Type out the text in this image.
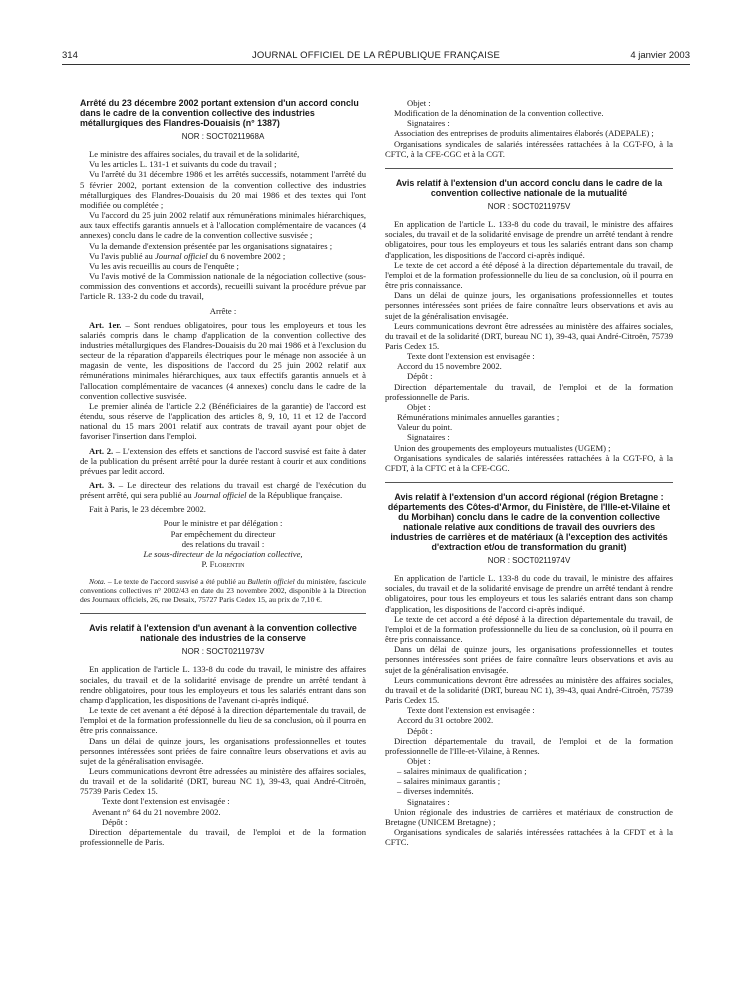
314	JOURNAL OFFICIEL DE LA RÉPUBLIQUE FRANÇAISE	4 janvier 2003

Arrêté du 23 décembre 2002 portant extension d'un accord conclu dans le cadre de la convention collective des industries métallurgiques des Flandres-Douaisis (n° 1387)

NOR : SOCT0211968A

Le ministre des affaires sociales, du travail et de la solidarité,

Vu les articles L. 131-1 et suivants du code du travail ;

Vu l'arrêté du 31 décembre 1986 et les arrêtés successifs, notamment l'arrêté du 5 février 2002, portant extension de la convention collective des industries métallurgiques des Flandres-Douaisis du 20 mai 1986 et des textes qui l'ont modifiée ou complétée ;

Vu l'accord du 25 juin 2002 relatif aux rémunérations minimales hiérarchiques, aux taux effectifs garantis annuels et à l'allocation complémentaire de vacances (4 annexes) conclu dans le cadre de la convention collective susvisée ;

Vu la demande d'extension présentée par les organisations signataires ;

Vu l'avis publié au Journal officiel du 6 novembre 2002 ;

Vu les avis recueillis au cours de l'enquête ;

Vu l'avis motivé de la Commission nationale de la négociation collective (sous-commission des conventions et accords), recueilli suivant la procédure prévue par l'article R. 133-2 du code du travail,

Arrête :

Art. 1er. – Sont rendues obligatoires, pour tous les employeurs et tous les salariés compris dans le champ d'application de la convention collective des industries métallurgiques des Flandres-Douaisis du 20 mai 1986 et à l'exclusion du secteur de la réparation d'appareils électriques pour le ménage non associée à un magasin de vente, les dispositions de l'accord du 25 juin 2002 relatif aux rémunérations minimales hiérarchiques, aux taux effectifs garantis annuels et à l'allocation complémentaire de vacances (4 annexes) conclu dans le cadre de la convention collective susvisée.

Le premier alinéa de l'article 2.2 (Bénéficiaires de la garantie) de l'accord est étendu, sous réserve de l'application des articles 8, 9, 10, 11 et 12 de l'accord national du 15 mars 2001 relatif aux contrats de travail ayant pour objet de favoriser l'insertion dans l'emploi.

Art. 2. – L'extension des effets et sanctions de l'accord susvisé est faite à dater de la publication du présent arrêté pour la durée restant à courir et aux conditions prévues par ledit accord.

Art. 3. – Le directeur des relations du travail est chargé de l'exécution du présent arrêté, qui sera publié au Journal officiel de la République française.

Fait à Paris, le 23 décembre 2002.

Pour le ministre et par délégation :

Par empêchement du directeur

des relations du travail :

Le sous-directeur de la négociation collective,

P. Florentin

Nota. – Le texte de l'accord susvisé a été publié au Bulletin officiel du ministère, fascicule conventions collectives n° 2002/43 en date du 23 novembre 2002, disponible à la Direction des Journaux officiels, 26, rue Desaix, 75727 Paris Cedex 15, au prix de 7,10 €.

Avis relatif à l'extension d'un avenant à la convention collective nationale des industries de la conserve

NOR : SOCT0211973V

En application de l'article L. 133-8 du code du travail, le ministre des affaires sociales, du travail et de la solidarité envisage de prendre un arrêté tendant à rendre obligatoires, pour tous les employeurs et tous les salariés entrant dans son champ d'application, les dispositions de l'avenant ci-après indiqué.

Le texte de cet avenant a été déposé à la direction départementale du travail, de l'emploi et de la formation professionnelle du lieu de sa conclusion, où il pourra en être pris connaissance.

Dans un délai de quinze jours, les organisations professionnelles et toutes personnes intéressées sont priées de faire connaître leurs observations et avis au sujet de la généralisation envisagée.

Leurs communications devront être adressées au ministère des affaires sociales, du travail et de la solidarité (DRT, bureau NC 1), 39-43, quai André-Citroën, 75739 Paris Cedex 15.

Texte dont l'extension est envisagée :

Avenant n° 64 du 21 novembre 2002.

Dépôt :

Direction départementale du travail, de l'emploi et de la formation professionnelle de Paris.

Objet :

Modification de la dénomination de la convention collective.

Signataires :

Association des entreprises de produits alimentaires élaborés (ADEPALE) ;

Organisations syndicales de salariés intéressées rattachées à la CGT-FO, à la CFTC, à la CFE-CGC et à la CGT.

Avis relatif à l'extension d'un accord conclu dans le cadre de la convention collective nationale de la mutualité

NOR : SOCT0211975V

En application de l'article L. 133-8 du code du travail, le ministre des affaires sociales, du travail et de la solidarité envisage de prendre un arrêté tendant à rendre obligatoires, pour tous les employeurs et tous les salariés entrant dans son champ d'application, les dispositions de l'accord ci-après indiqué.

Le texte de cet accord a été déposé à la direction départementale du travail, de l'emploi et de la formation professionnelle du lieu de sa conclusion, où il pourra en être pris connaissance.

Dans un délai de quinze jours, les organisations professionnelles et toutes personnes intéressées sont priées de faire connaître leurs observations et avis au sujet de la généralisation envisagée.

Leurs communications devront être adressées au ministère des affaires sociales, du travail et de la solidarité (DRT, bureau NC 1), 39-43, quai André-Citroën, 75739 Paris Cedex 15.

Texte dont l'extension est envisagée :

Accord du 15 novembre 2002.

Dépôt :

Direction départementale du travail, de l'emploi et de la formation professionnelle de Paris.

Objet :

Rémunérations minimales annuelles garanties ;

Valeur du point.

Signataires :

Union des groupements des employeurs mutualistes (UGEM) ;

Organisations syndicales de salariés intéressées rattachées à la CGT-FO, à la CFDT, à la CFTC et à la CFE-CGC.

Avis relatif à l'extension d'un accord régional (région Bretagne : départements des Côtes-d'Armor, du Finistère, de l'Ille-et-Vilaine et du Morbihan) conclu dans le cadre de la convention collective nationale relative aux conditions de travail des ouvriers des industries de carrières et de matériaux (à l'exception des activités d'extraction et/ou de transformation du granit)

NOR : SOCT0211974V

En application de l'article L. 133-8 du code du travail, le ministre des affaires sociales, du travail et de la solidarité envisage de prendre un arrêté tendant à rendre obligatoires, pour tous les employeurs et tous les salariés entrant dans son champ d'application, les dispositions de l'accord ci-après indiqué.

Le texte de cet accord a été déposé à la direction départementale du travail, de l'emploi et de la formation professionnelle du lieu de sa conclusion, où il pourra en être pris connaissance.

Dans un délai de quinze jours, les organisations professionnelles et toutes personnes intéressées sont priées de faire connaître leurs observations et avis au sujet de la généralisation envisagée.

Leurs communications devront être adressées au ministère des affaires sociales, du travail et de la solidarité (DRT, bureau NC 1), 39-43, quai André-Citroën, 75739 Paris Cedex 15.

Texte dont l'extension est envisagée :

Accord du 31 octobre 2002.

Dépôt :

Direction départementale du travail, de l'emploi et de la formation professionnelle de l'Ille-et-Vilaine, à Rennes.

Objet :

– salaires minimaux de qualification ;

– salaires minimaux garantis ;

– diverses indemnités.

Signataires :

Union régionale des industries de carrières et matériaux de construction de Bretagne (UNICEM Bretagne) ;

Organisations syndicales de salariés intéressées rattachées à la CFDT et à la CFTC.
